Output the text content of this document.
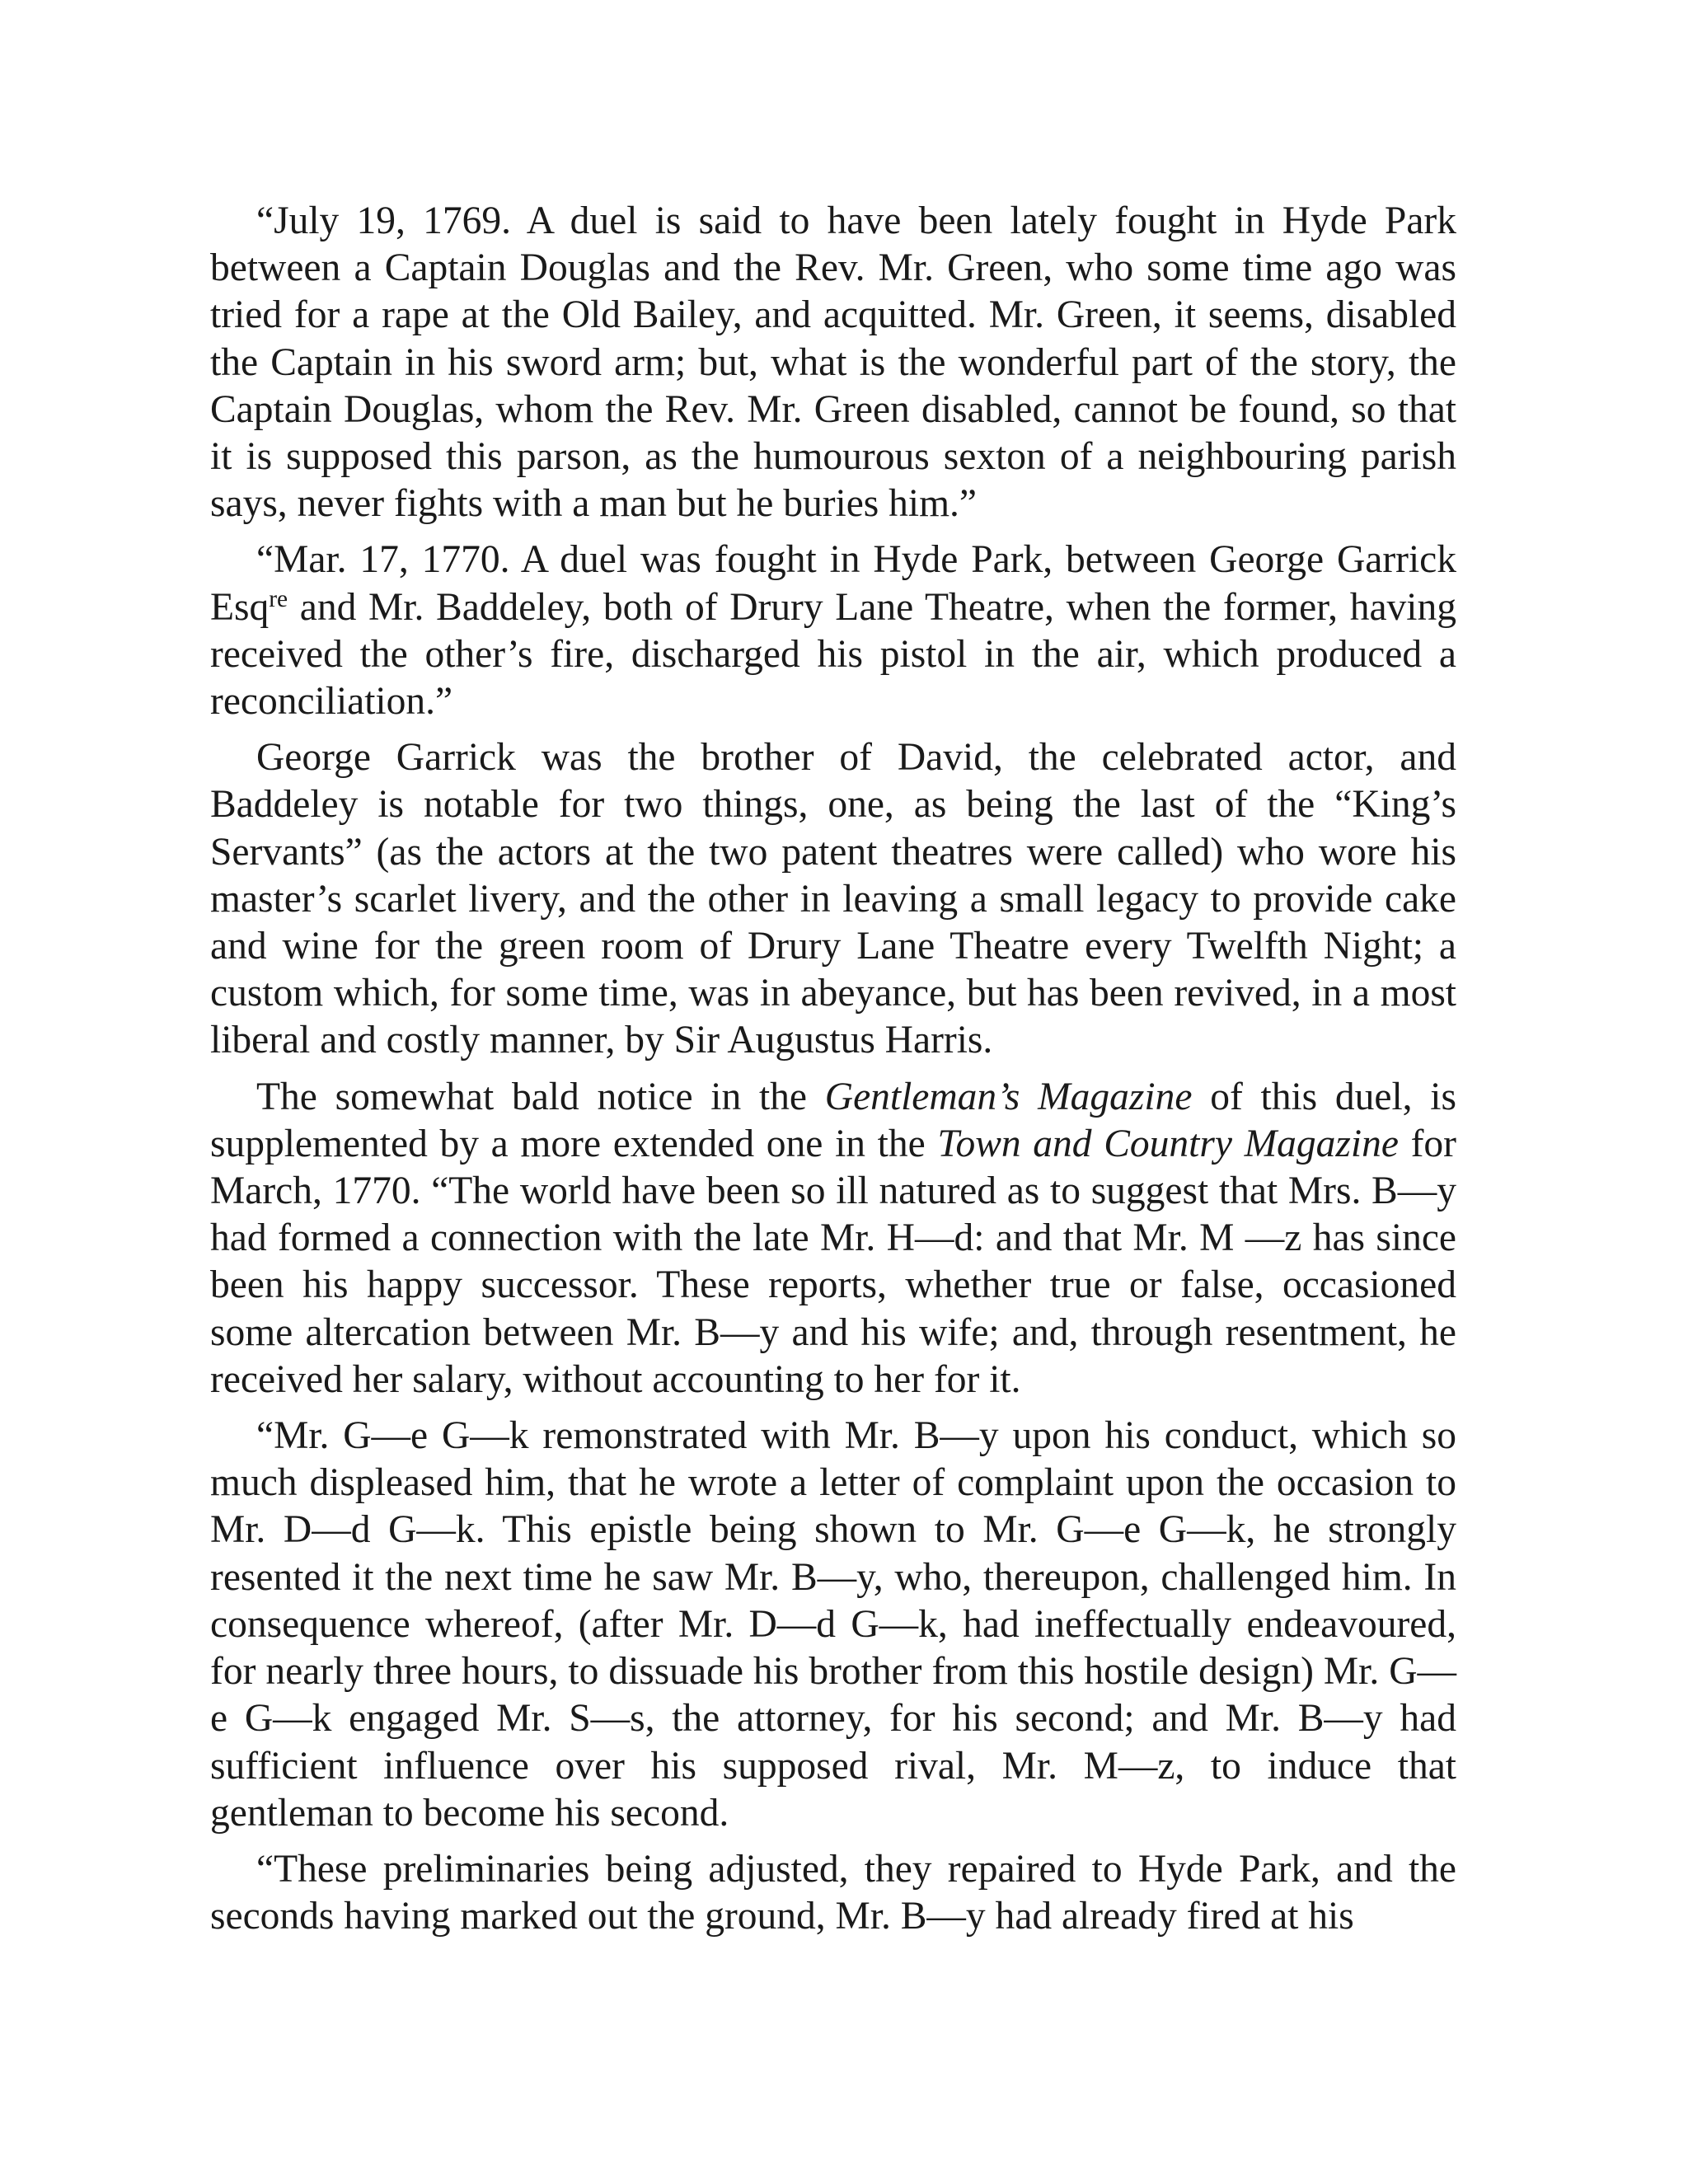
“July 19, 1769. A duel is said to have been lately fought in Hyde Park between a Captain Douglas and the Rev. Mr. Green, who some time ago was tried for a rape at the Old Bailey, and acquitted. Mr. Green, it seems, disabled the Captain in his sword arm; but, what is the wonderful part of the story, the Captain Douglas, whom the Rev. Mr. Green disabled, cannot be found, so that it is supposed this parson, as the humourous sexton of a neighbouring parish says, never fights with a man but he buries him.”

“Mar. 17, 1770. A duel was fought in Hyde Park, between George Garrick Esq$^{re}$ and Mr. Baddeley, both of Drury Lane Theatre, when the former, having received the other’s fire, discharged his pistol in the air, which produced a reconciliation.”

George Garrick was the brother of David, the celebrated actor, and Baddeley is notable for two things, one, as being the last of the “King’s Servants” (as the actors at the two patent theatres were called) who wore his master’s scarlet livery, and the other in leaving a small legacy to provide cake and wine for the green room of Drury Lane Theatre every Twelfth Night; a custom which, for some time, was in abeyance, but has been revived, in a most liberal and costly manner, by Sir Augustus Harris.

The somewhat bald notice in the Gentleman’s Magazine of this duel, is supplemented by a more extended one in the Town and Country Magazine for March, 1770. “The world have been so ill natured as to suggest that Mrs. B—y had formed a connection with the late Mr. H—d: and that Mr. M —z has since been his happy successor. These reports, whether true or false, occasioned some altercation between Mr. B—y and his wife; and, through resentment, he received her salary, without accounting to her for it.

“Mr. G—e G—k remonstrated with Mr. B—y upon his conduct, which so much displeased him, that he wrote a letter of complaint upon the occasion to Mr. D—d G—k. This epistle being shown to Mr. G—e G—k, he strongly resented it the next time he saw Mr. B—y, who, thereupon, challenged him. In consequence whereof, (after Mr. D—d G—k, had ineffectually endeavoured, for nearly three hours, to dissuade his brother from this hostile design) Mr. G—e G—k engaged Mr. S—s, the attorney, for his second; and Mr. B—y had sufficient influence over his supposed rival, Mr. M—z, to induce that gentleman to become his second.

“These preliminaries being adjusted, they repaired to Hyde Park, and the seconds having marked out the ground, Mr. B—y had already fired at his
